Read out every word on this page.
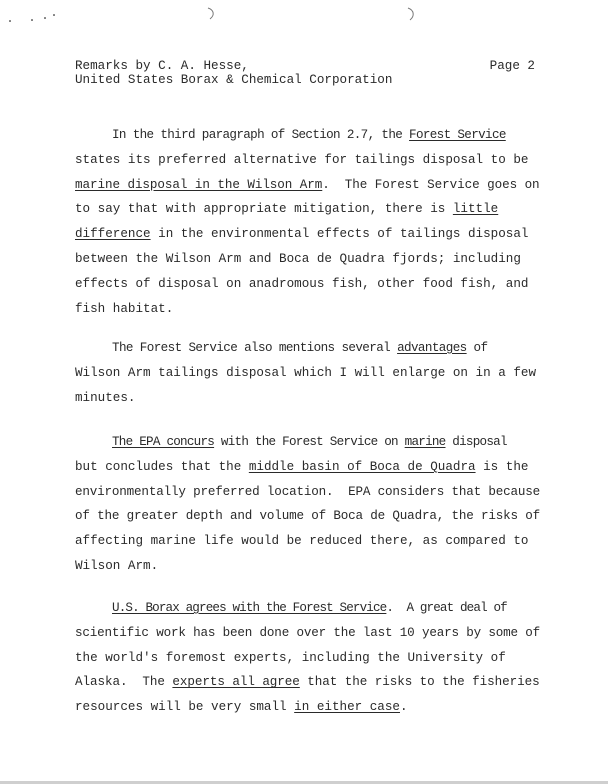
Remarks by C. A. Hesse,	Page 2
United States Borax & Chemical Corporation
In the third paragraph of Section 2.7, the Forest Service
states its preferred alternative for tailings disposal to be
marine disposal in the Wilson Arm.  The Forest Service goes on
to say that with appropriate mitigation, there is little
difference in the environmental effects of tailings disposal
between the Wilson Arm and Boca de Quadra fjords; including
effects of disposal on anadromous fish, other food fish, and
fish habitat.
The Forest Service also mentions several advantages of
Wilson Arm tailings disposal which I will enlarge on in a few
minutes.
The EPA concurs with the Forest Service on marine disposal
but concludes that the middle basin of Boca de Quadra is the
environmentally preferred location.  EPA considers that because
of the greater depth and volume of Boca de Quadra, the risks of
affecting marine life would be reduced there, as compared to
Wilson Arm.
U.S. Borax agrees with the Forest Service.  A great deal of
scientific work has been done over the last 10 years by some of
the world's foremost experts, including the University of
Alaska.  The experts all agree that the risks to the fisheries
resources will be very small in either case.
